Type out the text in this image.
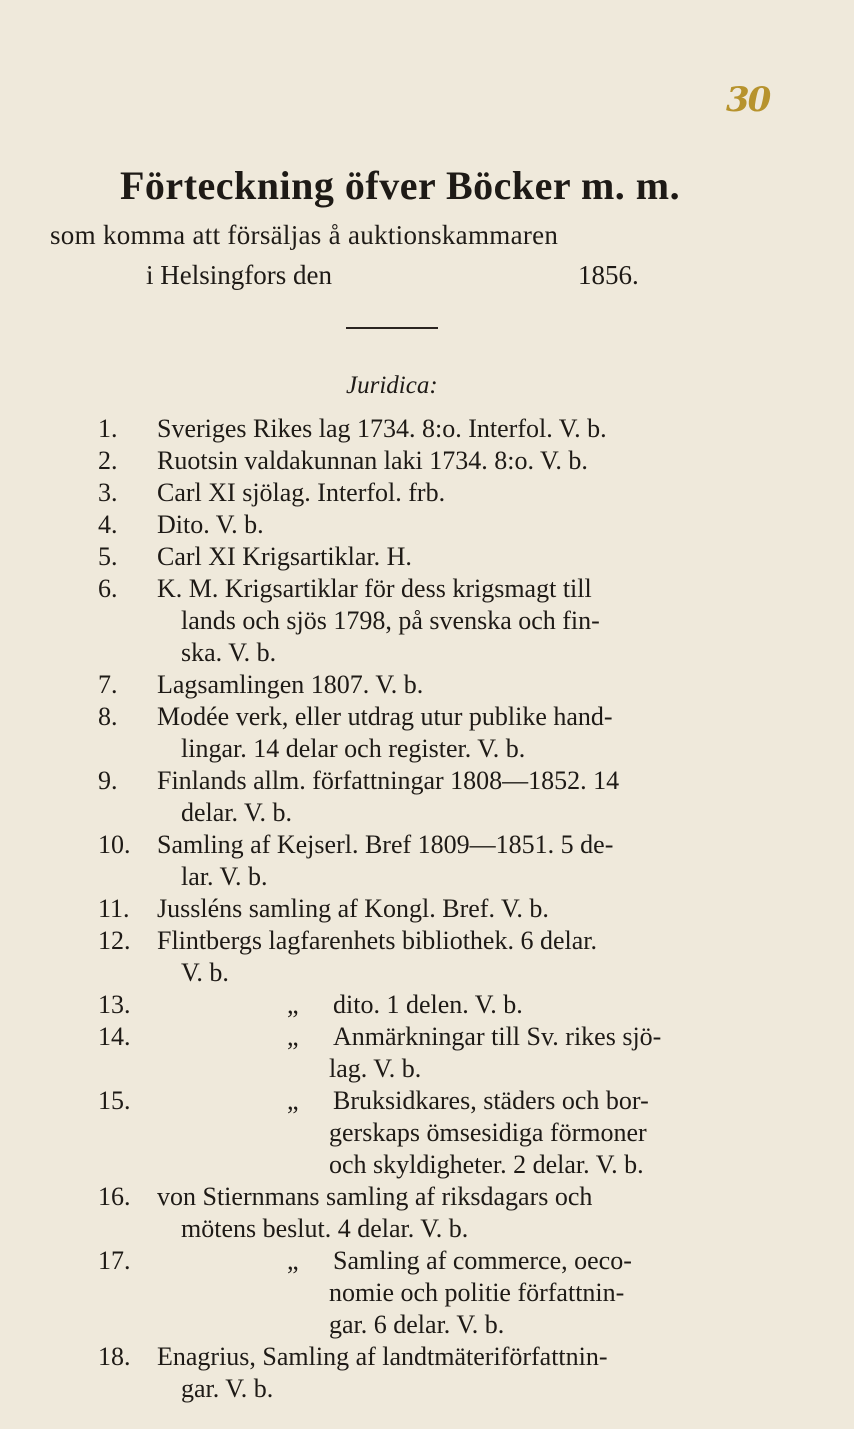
30
Förteckning öfver Böcker m. m.
som komma att försäljas å auktionskammaren
i Helsingfors den	1856.
Juridica:
1.	Sveriges Rikes lag 1734. 8:o. Interfol. V. b.
2.	Ruotsin valdakunnan laki 1734. 8:o. V. b.
3.	Carl XI sjölag. Interfol. frb.
4.	Dito. V. b.
5.	Carl XI Krigsartiklar. H.
6.	K. M. Krigsartiklar för dess krigsmagt till
lands och sjös 1798, på svenska och fin-
ska. V. b.
7.	Lagsamlingen 1807. V. b.
8.	Modée verk, eller utdrag utur publike hand-
lingar. 14 delar och register. V. b.
9.	Finlands allm. författningar 1808—1852. 14
delar. V. b.
10.	Samling af Kejserl. Bref 1809—1851. 5 de-
lar. V. b.
11.	Jussléns samling af Kongl. Bref. V. b.
12.	Flintbergs lagfarenhets bibliothek. 6 delar.
V. b.
13.	„ dito. 1 delen. V. b.
14.	„ Anmärkningar till Sv. rikes sjö-
lag. V. b.
15.	„ Bruksidkares, städers och bor-
gerskaps ömsesidiga förmoner
och skyldigheter. 2 delar. V. b.
16.	von Stiernmans samling af riksdagars och
mötens beslut. 4 delar. V. b.
17.	„ Samling af commerce, oeco-
nomie och politie författnin-
gar. 6 delar. V. b.
18.	Enagrius, Samling af landtmäteriförfattnin-
gar. V. b.
